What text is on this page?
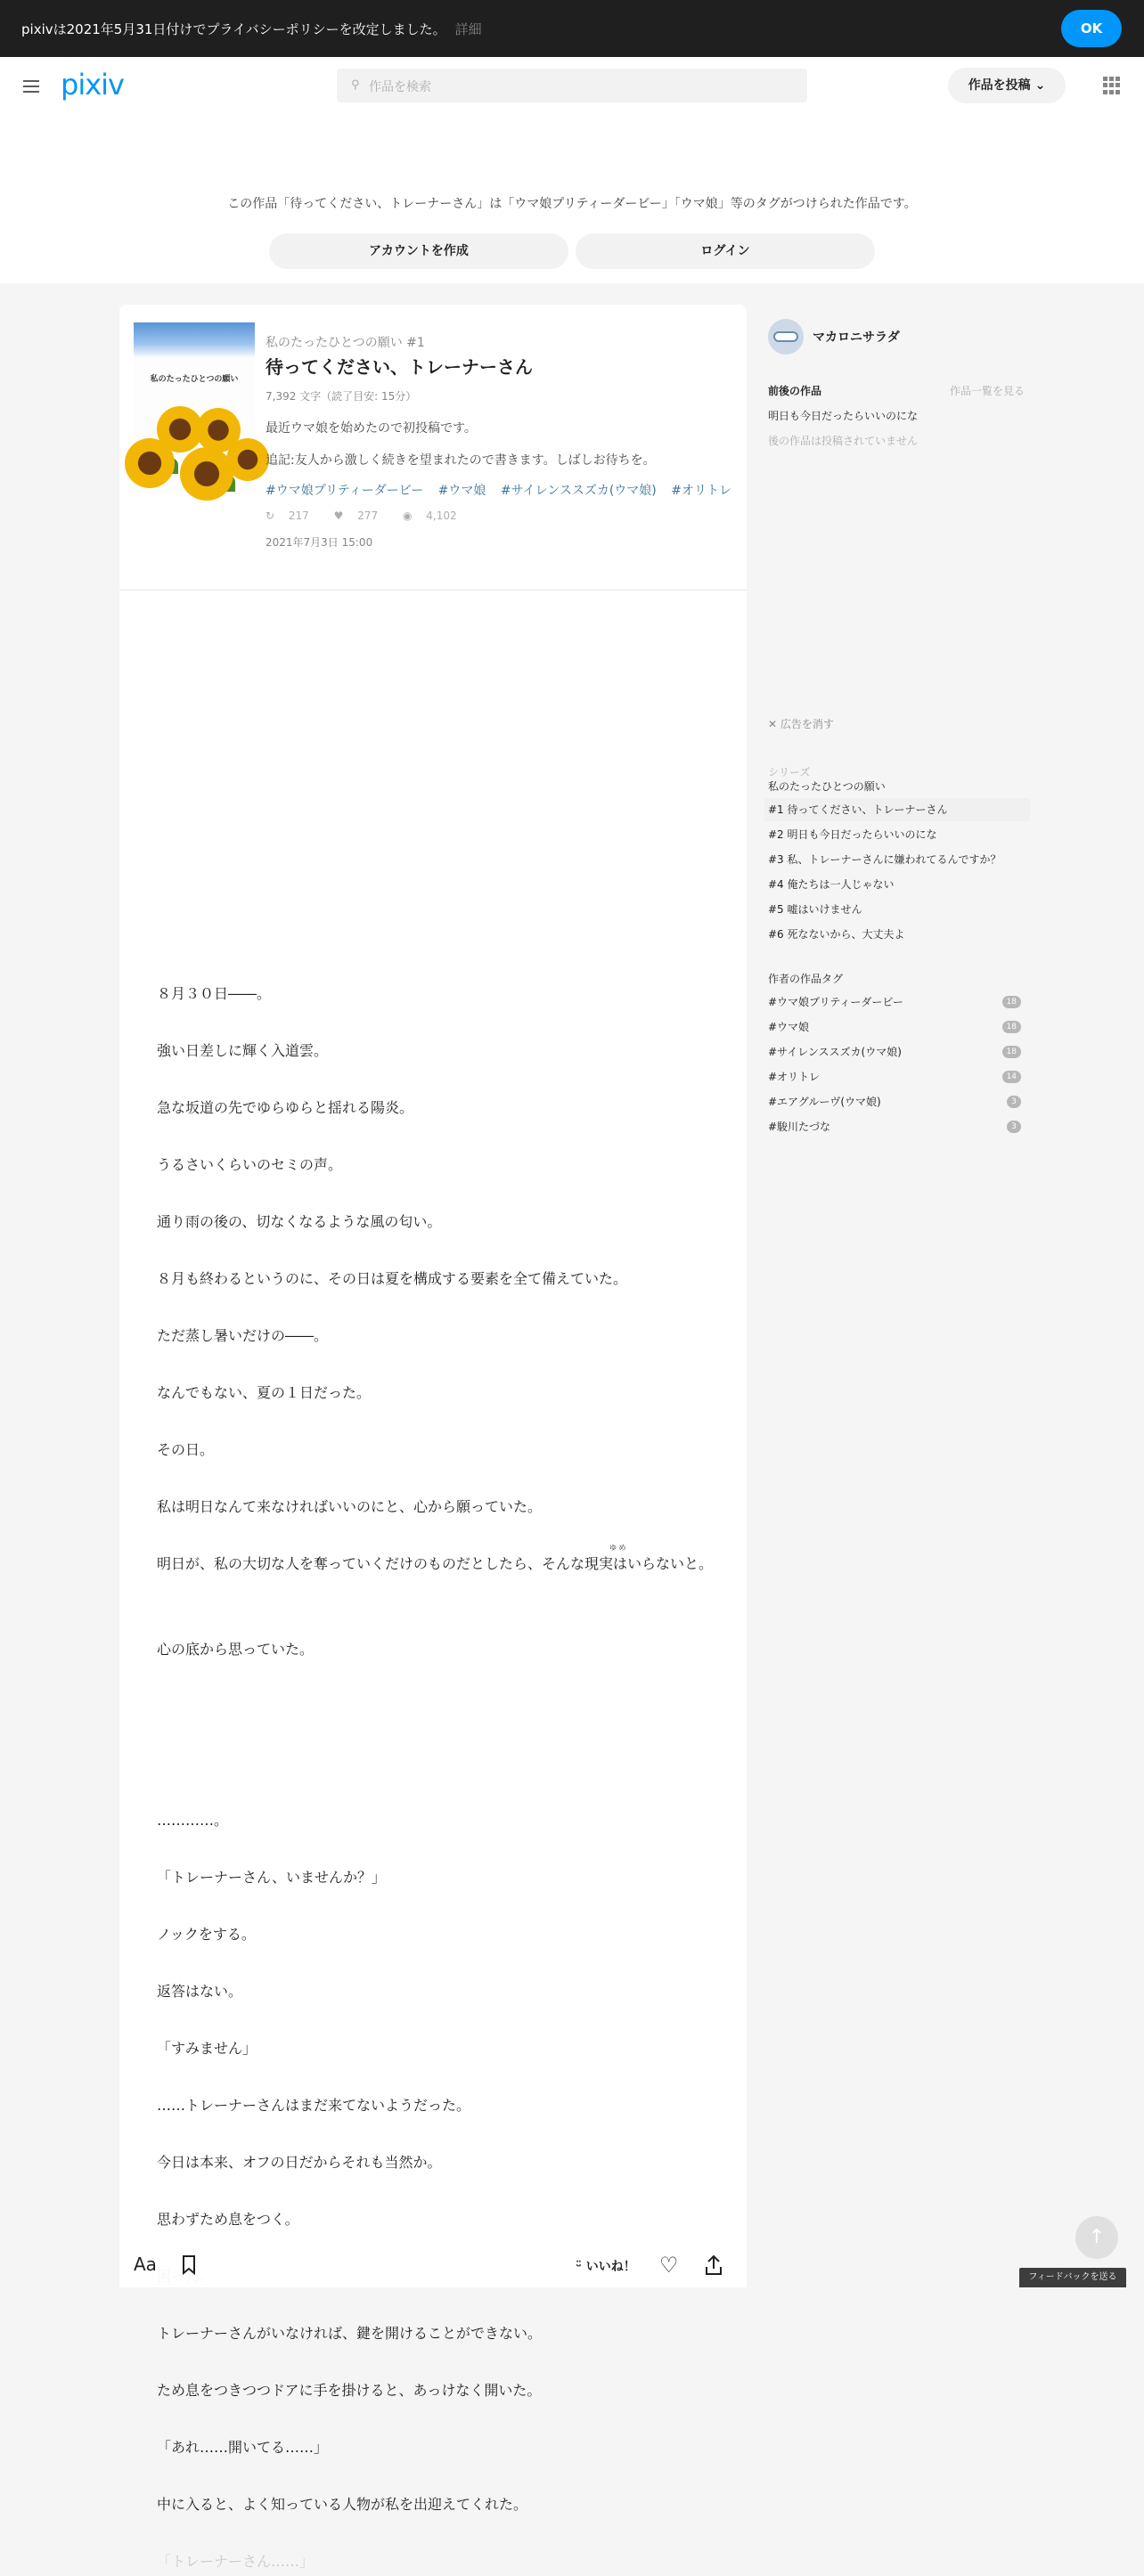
pixivは2021年5月31日付けでプライバシーポリシーを改定しました。 詳細	OK
pixiv	⚲ 作品を検索	作品を投稿 ⌄
この作品「待ってください、トレーナーさん」は「ウマ娘プリティーダービー」「ウマ娘」等のタグがつけられた作品です。
アカウントを作成	ログイン
私のたったひとつの願い
私のたったひとつの願い #1
待ってください、トレーナーさん
7,392 文字（読了目安: 15分）
最近ウマ娘を始めたので初投稿です。
追記:友人から激しく続きを望まれたので書きます。しばしお待ちを。
#ウマ娘プリティーダービー #ウマ娘 #サイレンススズカ(ウマ娘) #オリトレ
↻ 217 ♥ 277 ◉ 4,102
2021年7月3日 15:00

８月３０日――。

強い日差しに輝く入道雲。

急な坂道の先でゆらゆらと揺れる陽炎。

うるさいくらいのセミの声。

通り雨の後の、切なくなるような風の匂い。

８月も終わるというのに、その日は夏を構成する要素を全て備えていた。

ただ蒸し暑いだけの――。

なんでもない、夏の１日だった。

その日。

私は明日なんて来なければいいのにと、心から願っていた。

ゆ め

明日が、私の大切な人を奪っていくだけのものだとしたら、そんな現実はいらないと。

心の底から思っていた。

…………。

「トレーナーさん、いませんか？」

ノックをする。

返答はない。

「すみません」

……トレーナーさんはまだ来てないようだった。

今日は本来、オフの日だからそれも当然か。

思わずため息をつく。

トレーナーさんがいなければ、鍵を開けることができない。

ため息をつきつつドアに手を掛けると、あっけなく開いた。

「あれ……開いてる……」

中に入ると、よく知っている人物が私を出迎えてくれた。

「トレーナーさん……」

マカロニサラダ
前後の作品	作品一覧を見る
明日も今日だったらいいのにな
後の作品は投稿されていません
✕ 広告を消す
シリーズ
私のたったひとつの願い
#1 待ってください、トレーナーさん
#2 明日も今日だったらいいのにな
#3 私、トレーナーさんに嫌われてるんですか？
#4 俺たちは一人じゃない
#5 嘘はいけません
#6 死なないから、大丈夫よ
作者の作品タグ
#ウマ娘プリティーダービー	18
#ウマ娘	18
#サイレンススズカ(ウマ娘)	18
#オリトレ	14
#エアグルーヴ(ウマ娘)	3
#駿川たづな	3
Aa	ᵕ̈ いいね！ ♡
↑
フィードバックを送る
